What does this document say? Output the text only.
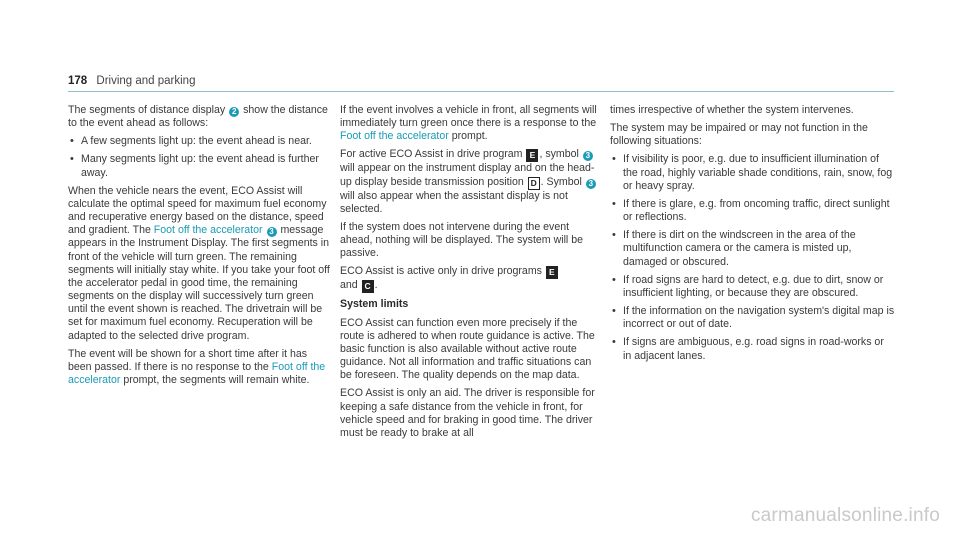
178 Driving and parking

The segments of distance display 2 show the distance to the event ahead as follows:

• A few segments light up: the event ahead is near.
• Many segments light up: the event ahead is further away.

When the vehicle nears the event, ECO Assist will calculate the optimal speed for maximum fuel economy and recuperative energy based on the distance, speed and gradient. The Foot off the accelerator 3 message appears in the Instrument Display. The first segments in front of the vehicle will turn green. The remaining segments will initially stay white. If you take your foot off the accelerator pedal in good time, the remaining segments on the display will successively turn green until the event shown is reached. The drivetrain will be set for maximum fuel economy. Recuperation will be adapted to the selected drive program.

The event will be shown for a short time after it has been passed. If there is no response to the Foot off the accelerator prompt, the segments will remain white.

If the event involves a vehicle in front, all segments will immediately turn green once there is a response to the Foot off the accelerator prompt.

For active ECO Assist in drive program E , symbol 3 will appear on the instrument display and on the head-up display beside transmission position D . Symbol 3 will also appear when the assistant display is not selected.

If the system does not intervene during the event ahead, nothing will be displayed. The system will be passive.

ECO Assist is active only in drive programs E
and C .

System limits

ECO Assist can function even more precisely if the route is adhered to when route guidance is active. The basic function is also available without active route guidance. Not all information and traffic situations can be foreseen. The quality depends on the map data.

ECO Assist is only an aid. The driver is responsible for keeping a safe distance from the vehicle in front, for vehicle speed and for braking in good time. The driver must be ready to brake at all

times irrespective of whether the system intervenes.

The system may be impaired or may not function in the following situations:

• If visibility is poor, e.g. due to insufficient illumination of the road, highly variable shade conditions, rain, snow, fog or heavy spray.
• If there is glare, e.g. from oncoming traffic, direct sunlight or reflections.
• If there is dirt on the windscreen in the area of the multifunction camera or the camera is misted up, damaged or obscured.
• If road signs are hard to detect, e.g. due to dirt, snow or insufficient lighting, or because they are obscured.
• If the information on the navigation system's digital map is incorrect or out of date.
• If signs are ambiguous, e.g. road signs in road-works or in adjacent lanes.
carmanualsonline.info
